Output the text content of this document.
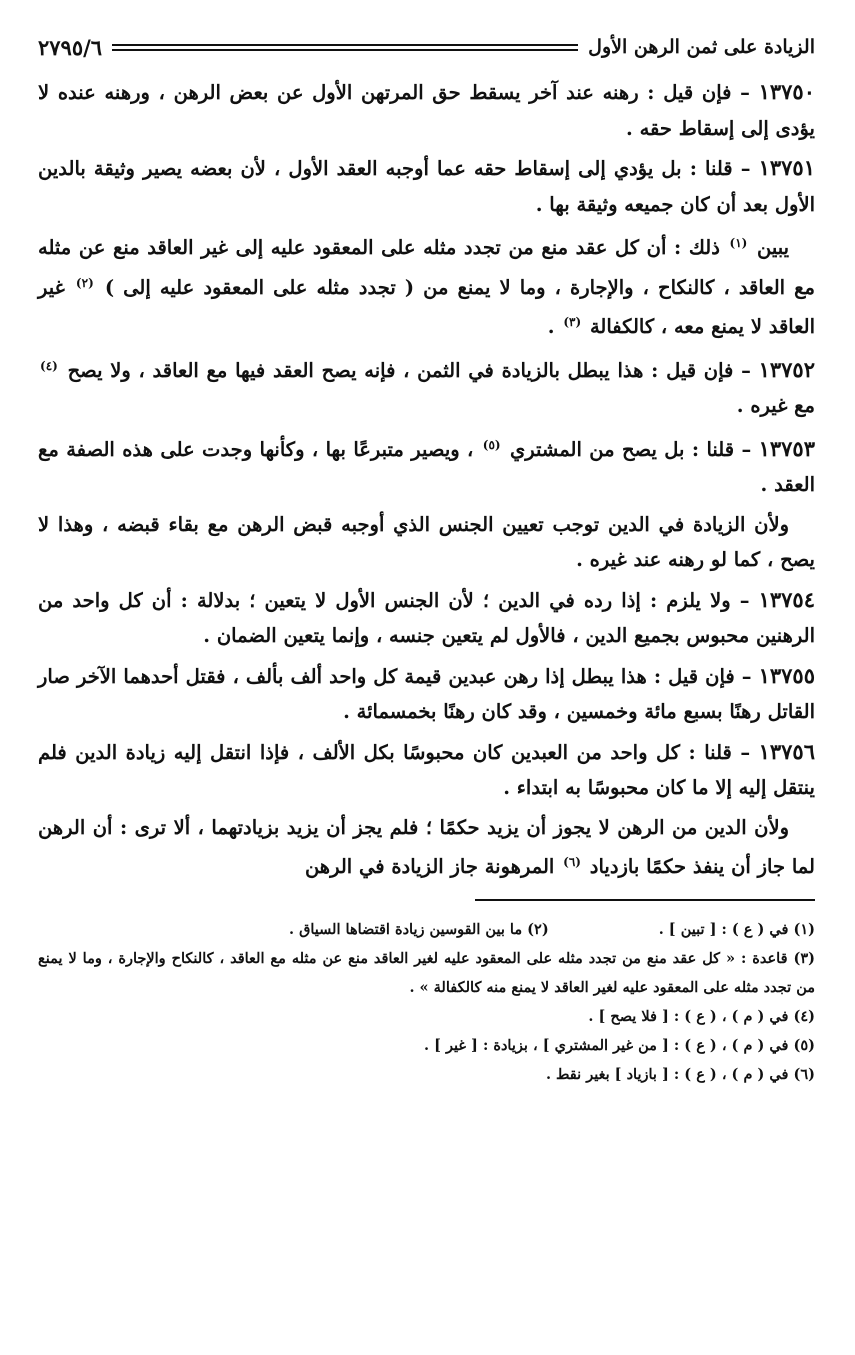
الزيادة على ثمن الرهن الأول
٢٧٩٥/٦

١٣٧٥٠ – فإن قيل : رهنه عند آخر يسقط حق المرتهن الأول عن بعض الرهن ، ورهنه عنده لا يؤدى إلى إسقاط حقه .

١٣٧٥١ – قلنا : بل يؤدي إلى إسقاط حقه عما أوجبه العقد الأول ، لأن بعضه يصير وثيقة بالدين الأول بعد أن كان جميعه وثيقة بها .

يبين $^{(١)}$ ذلك : أن كل عقد منع من تجدد مثله على المعقود عليه إلى غير العاقد منع عن مثله مع العاقد ، كالنكاح ، والإجارة ، وما لا يمنع من ( تجدد مثله على المعقود عليه إلى ) $^{(٢)}$ غير العاقد لا يمنع معه ، كالكفالة $^{(٣)}$ .

١٣٧٥٢ – فإن قيل : هذا يبطل بالزيادة في الثمن ، فإنه يصح العقد فيها مع العاقد ، ولا يصح $^{(٤)}$ مع غيره .

١٣٧٥٣ – قلنا : بل يصح من المشتري $^{(٥)}$ ، ويصير متبرعًا بها ، وكأنها وجدت على هذه الصفة مع العقد .

ولأن الزيادة في الدين توجب تعيين الجنس الذي أوجبه قبض الرهن مع بقاء قبضه ، وهذا لا يصح ، كما لو رهنه عند غيره .

١٣٧٥٤ – ولا يلزم : إذا رده في الدين ؛ لأن الجنس الأول لا يتعين ؛ بدلالة : أن كل واحد من الرهنين محبوس بجميع الدين ، فالأول لم يتعين جنسه ، وإنما يتعين الضمان .

١٣٧٥٥ – فإن قيل : هذا يبطل إذا رهن عبدين قيمة كل واحد ألف بألف ، فقتل أحدهما الآخر صار القاتل رهنًا بسبع مائة وخمسين ، وقد كان رهنًا بخمسمائة .

١٣٧٥٦ – قلنا : كل واحد من العبدين كان محبوسًا بكل الألف ، فإذا انتقل إليه زيادة الدين فلم ينتقل إليه إلا ما كان محبوسًا به ابتداء .

ولأن الدين من الرهن لا يجوز أن يزيد حكمًا ؛ فلم يجز أن يزيد بزيادتهما ، ألا ترى : أن الرهن لما جاز أن ينفذ حكمًا بازدياد $^{(٦)}$ المرهونة جاز الزيادة في الرهن

(١) في ( ع ) : [ تبين ] .

(٢) ما بين القوسين زيادة اقتضاها السياق .

(٣) قاعدة : « كل عقد منع من تجدد مثله على المعقود عليه لغير العاقد منع عن مثله مع العاقد ، كالنكاح والإجارة ، وما لا يمنع من تجدد مثله على المعقود عليه لغير العاقد لا يمنع منه كالكفالة » .

(٤) في ( م ) ، ( ع ) : [ فلا يصح ] .

(٥) في ( م ) ، ( ع ) : [ من غير المشتري ] ، بزيادة : [ غير ] .

(٦) في ( م ) ، ( ع ) : [ بازياد ] بغير نقط .
